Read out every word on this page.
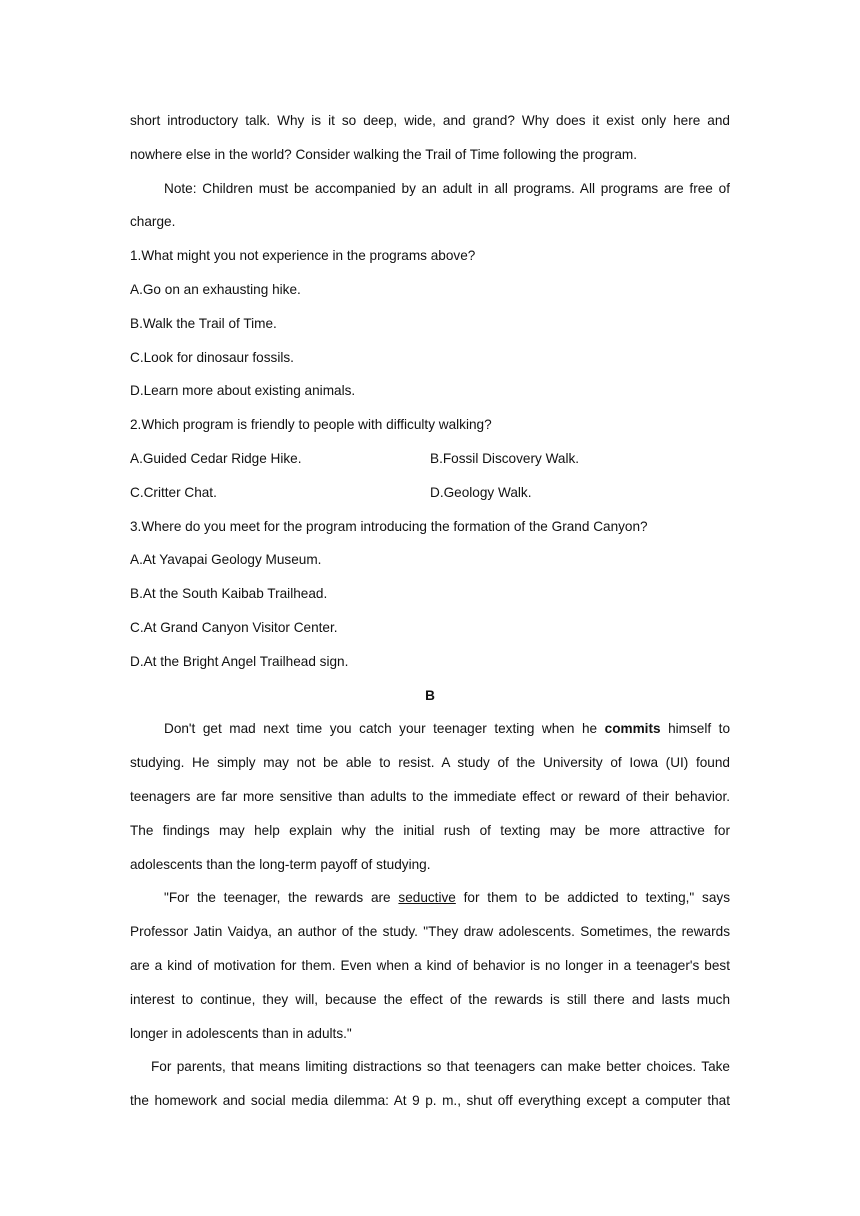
short introductory talk. Why is it so deep, wide, and grand? Why does it exist only here and
nowhere else in the world? Consider walking the Trail of Time following the program.
Note: Children must be accompanied by an adult in all programs. All programs are free of
charge.
1.What might you not experience in the programs above?
A.Go on an exhausting hike.
B.Walk the Trail of Time.
C.Look for dinosaur fossils.
D.Learn more about existing animals.
2.Which program is friendly to people with difficulty walking?
A.Guided Cedar Ridge Hike.	B.Fossil Discovery Walk.
C.Critter Chat.	D.Geology Walk.
3.Where do you meet for the program introducing the formation of the Grand Canyon?
A.At Yavapai Geology Museum.
B.At the South Kaibab Trailhead.
C.At Grand Canyon Visitor Center.
D.At the Bright Angel Trailhead sign.
B
Don't get mad next time you catch your teenager texting when he commits himself to
studying. He simply may not be able to resist. A study of the University of Iowa (UI) found
teenagers are far more sensitive than adults to the immediate effect or reward of their behavior.
The findings may help explain why the initial rush of texting may be more attractive for
adolescents than the long-term payoff of studying.
"For the teenager, the rewards are seductive for them to be addicted to texting," says
Professor Jatin Vaidya, an author of the study. "They draw adolescents. Sometimes, the rewards
are a kind of motivation for them. Even when a kind of behavior is no longer in a teenager's best
interest to continue, they will, because the effect of the rewards is still there and lasts much
longer in adolescents than in adults."
For parents, that means limiting distractions so that teenagers can make better choices. Take
the homework and social media dilemma: At 9 p. m., shut off everything except a computer that
